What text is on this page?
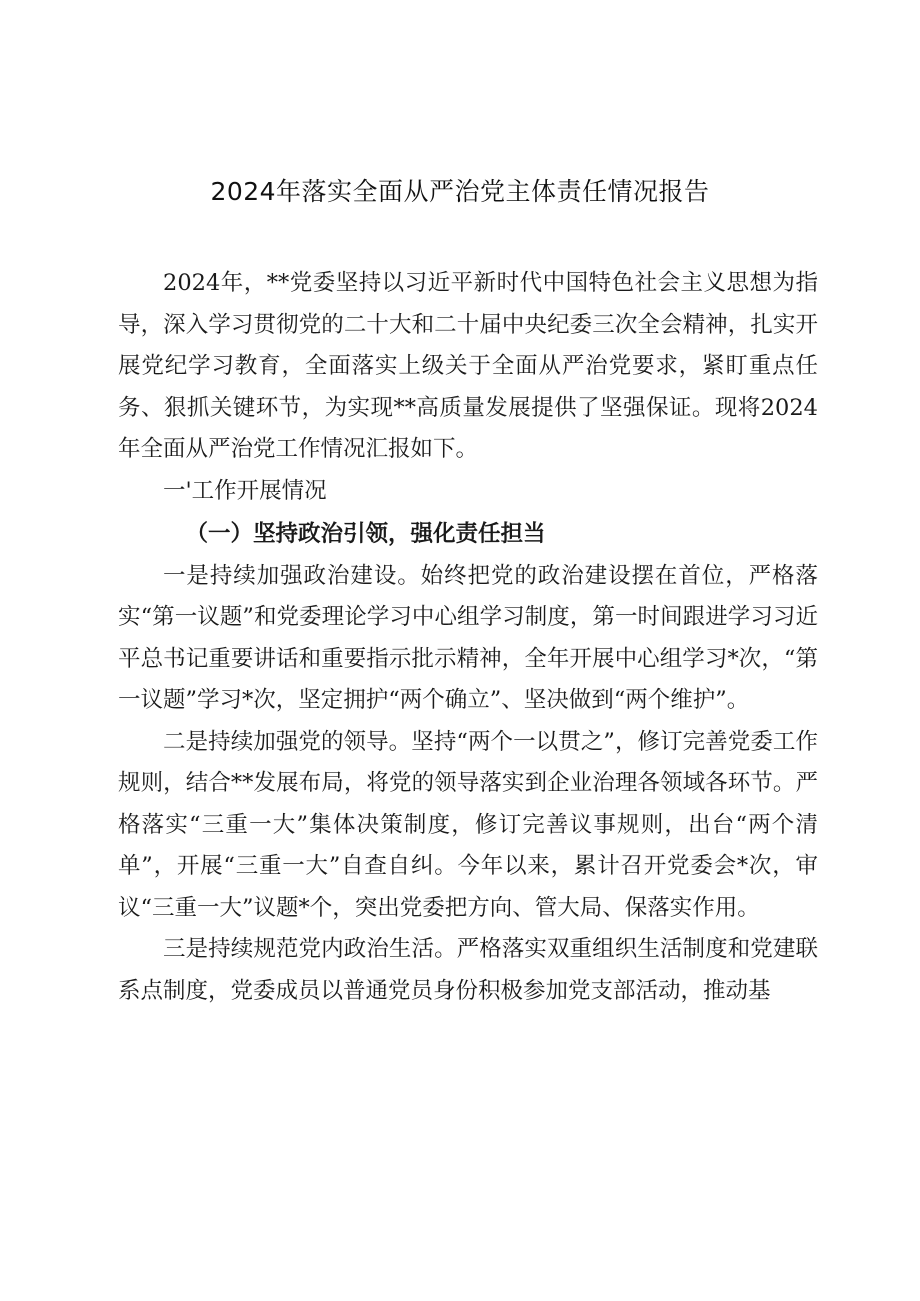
2024年落实全面从严治党主体责任情况报告

2024年，**党委坚持以习近平新时代中国特色社会主义思想为指导，深入学习贯彻党的二十大和二十届中央纪委三次全会精神，扎实开展党纪学习教育，全面落实上级关于全面从严治党要求，紧盯重点任务、狠抓关键环节，为实现**高质量发展提供了坚强保证。现将2024年全面从严治党工作情况汇报如下。

一'工作开展情况

（一）坚持政治引领，强化责任担当

一是持续加强政治建设。始终把党的政治建设摆在首位，严格落实“第一议题”和党委理论学习中心组学习制度，第一时间跟进学习习近平总书记重要讲话和重要指示批示精神，全年开展中心组学习*次，“第一议题”学习*次，坚定拥护“两个确立”、坚决做到“两个维护”。

二是持续加强党的领导。坚持“两个一以贯之”，修订完善党委工作规则，结合**发展布局，将党的领导落实到企业治理各领域各环节。严格落实“三重一大”集体决策制度，修订完善议事规则，出台“两个清单”，开展“三重一大”自查自纠。今年以来，累计召开党委会*次，审议“三重一大”议题*个，突出党委把方向、管大局、保落实作用。

三是持续规范党内政治生活。严格落实双重组织生活制度和党建联系点制度，党委成员以普通党员身份积极参加党支部活动，推动基
